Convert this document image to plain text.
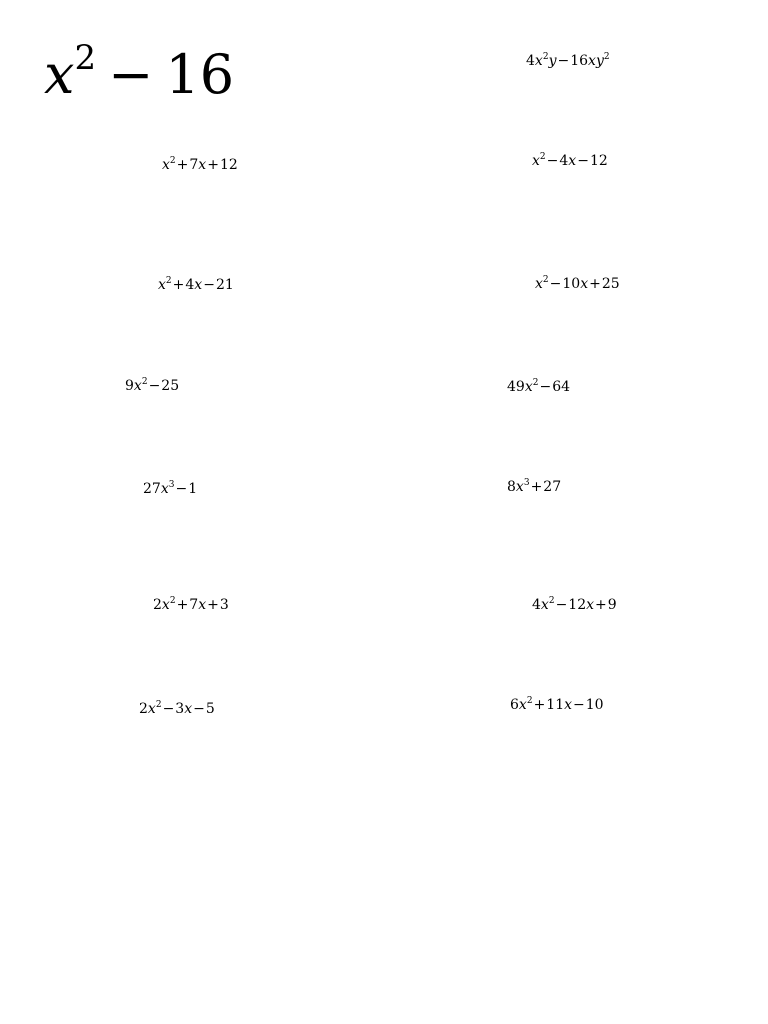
$x^2 - 16$	$4x^2y-16xy^2$
$x^2+7x+12$	$x^2-4x-12$
$x^2+4x-21$	$x^2-10x+25$
$9x^2-25$	$49x^2-64$
$27x^3-1$	$8x^3+27$
$2x^2+7x+3$	$4x^2-12x+9$
$2x^2-3x-5$	$6x^2+11x-10$
